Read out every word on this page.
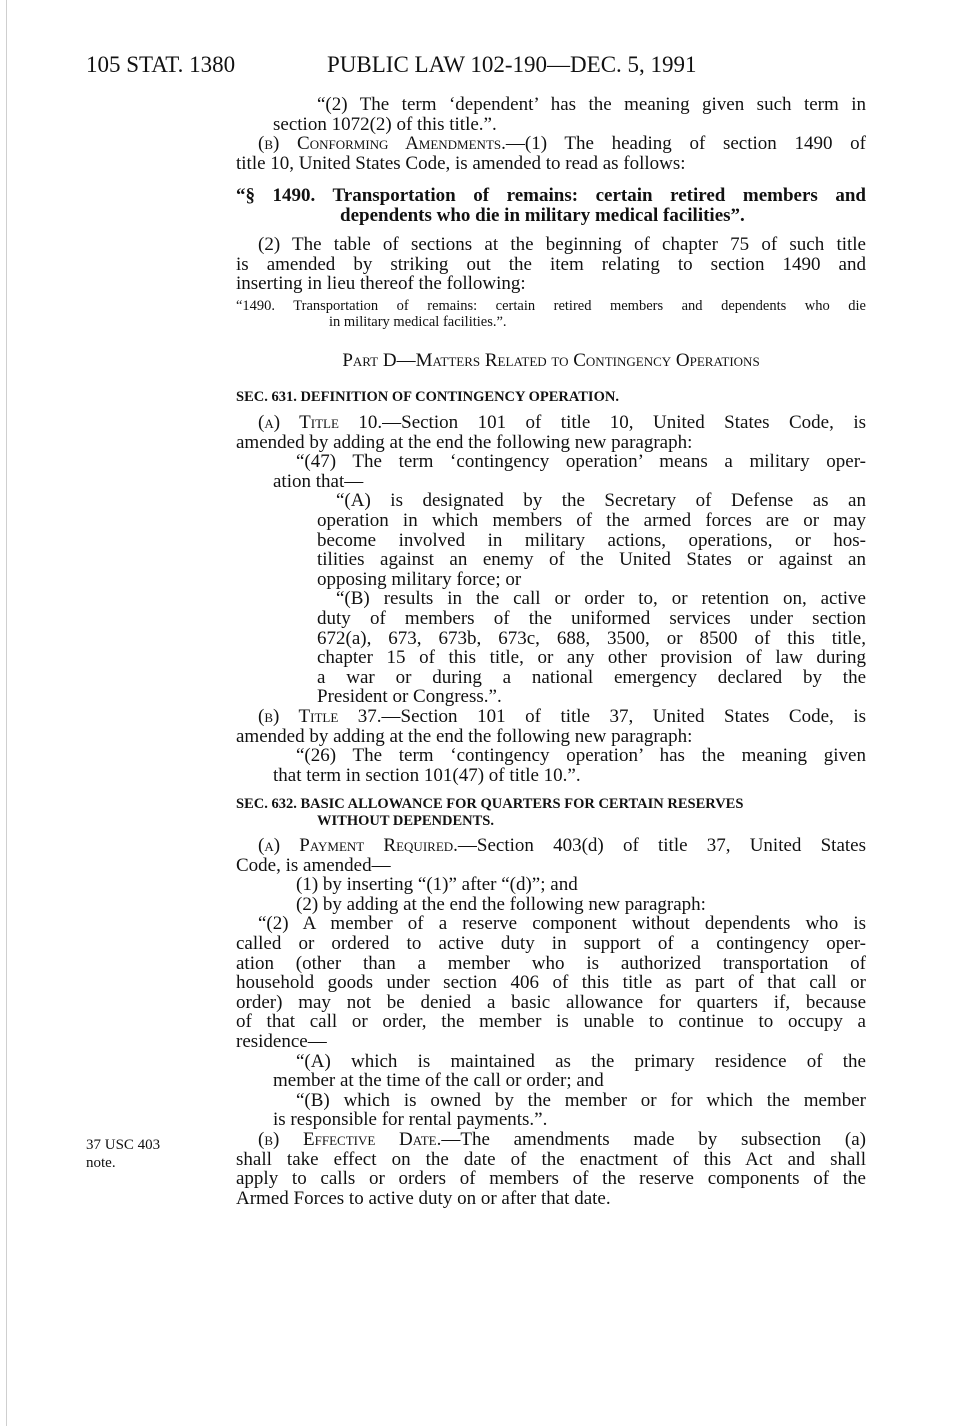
105 STAT. 1380	PUBLIC LAW 102-190—DEC. 5, 1991
“(2) The term ‘dependent’ has the meaning given such term in
section 1072(2) of this title.”.
(b) Conforming Amendments.—(1) The heading of section 1490 of
title 10, United States Code, is amended to read as follows:
“§ 1490. Transportation of remains: certain retired members and
dependents who die in military medical facilities”.
(2) The table of sections at the beginning of chapter 75 of such title
is amended by striking out the item relating to section 1490 and
inserting in lieu thereof the following:
“1490. Transportation of remains: certain retired members and dependents who die
in military medical facilities.”.
Part D—Matters Related to Contingency Operations
SEC. 631. DEFINITION OF CONTINGENCY OPERATION.
(a) Title 10.—Section 101 of title 10, United States Code, is
amended by adding at the end the following new paragraph:
“(47) The term ‘contingency operation’ means a military oper-
ation that—
“(A) is designated by the Secretary of Defense as an
operation in which members of the armed forces are or may
become involved in military actions, operations, or hos-
tilities against an enemy of the United States or against an
opposing military force; or
“(B) results in the call or order to, or retention on, active
duty of members of the uniformed services under section
672(a), 673, 673b, 673c, 688, 3500, or 8500 of this title,
chapter 15 of this title, or any other provision of law during
a war or during a national emergency declared by the
President or Congress.”.
(b) Title 37.—Section 101 of title 37, United States Code, is
amended by adding at the end the following new paragraph:
“(26) The term ‘contingency operation’ has the meaning given
that term in section 101(47) of title 10.”.
SEC. 632. BASIC ALLOWANCE FOR QUARTERS FOR CERTAIN RESERVES
WITHOUT DEPENDENTS.
(a) Payment Required.—Section 403(d) of title 37, United States
Code, is amended—
(1) by inserting “(1)” after “(d)”; and
(2) by adding at the end the following new paragraph:
“(2) A member of a reserve component without dependents who is
called or ordered to active duty in support of a contingency oper-
ation (other than a member who is authorized transportation of
household goods under section 406 of this title as part of that call or
order) may not be denied a basic allowance for quarters if, because
of that call or order, the member is unable to continue to occupy a
residence—
“(A) which is maintained as the primary residence of the
member at the time of the call or order; and
“(B) which is owned by the member or for which the member
is responsible for rental payments.”.
(b) Effective Date.—The amendments made by subsection (a)
shall take effect on the date of the enactment of this Act and shall
apply to calls or orders of members of the reserve components of the
Armed Forces to active duty on or after that date.
37 USC 403
note.
